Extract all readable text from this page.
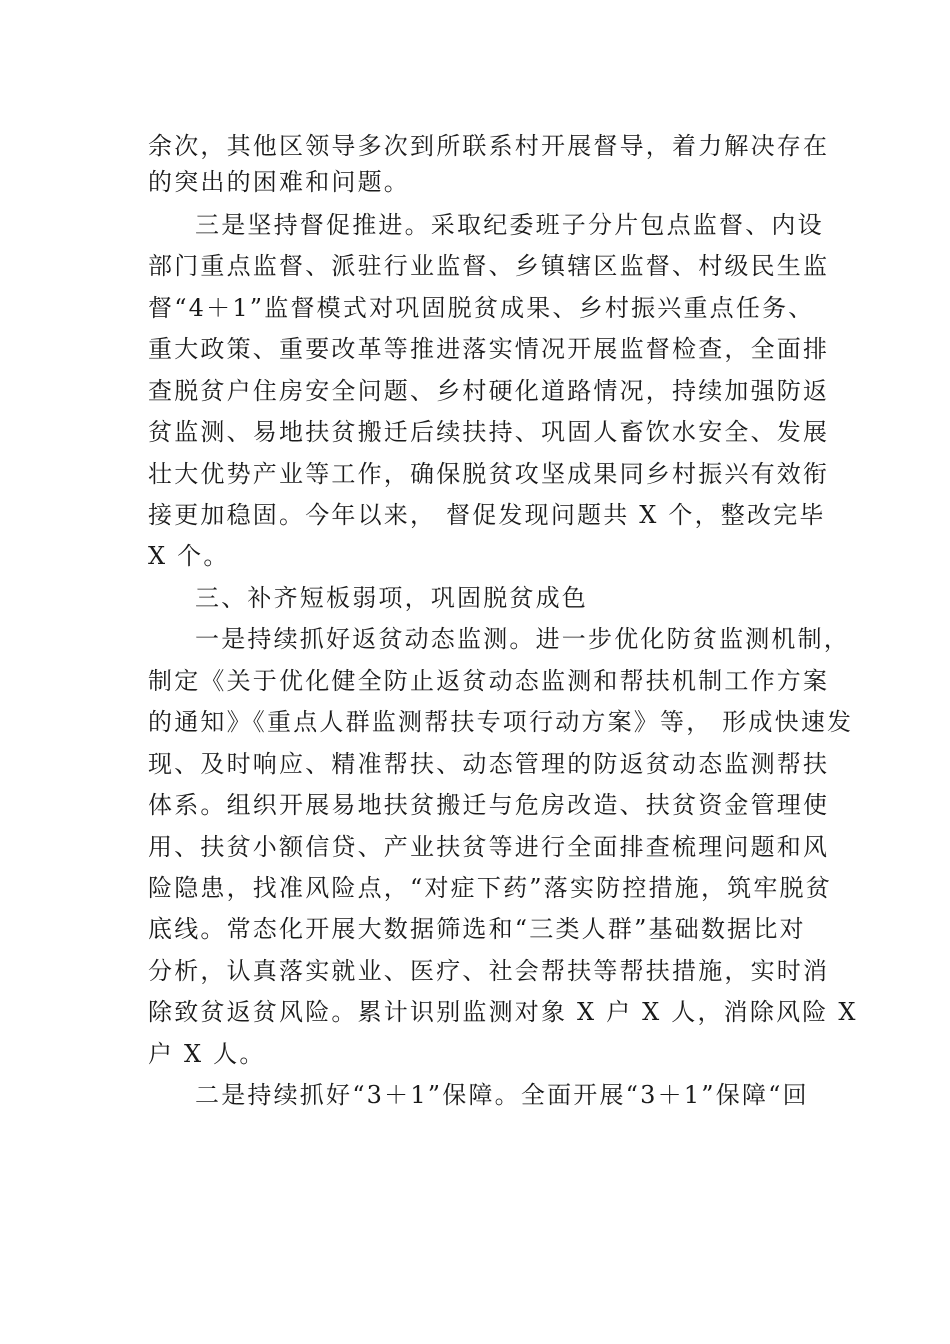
余次，其他区领导多次到所联系村开展督导，着力解决存在
的突出的困难和问题。
三是坚持督促推进。采取纪委班子分片包点监督、内设
部门重点监督、派驻行业监督、乡镇辖区监督、村级民生监
督“4＋1”监督模式对巩固脱贫成果、乡村振兴重点任务、
重大政策、重要改革等推进落实情况开展监督检查，全面排
查脱贫户住房安全问题、乡村硬化道路情况，持续加强防返
贫监测、易地扶贫搬迁后续扶持、巩固人畜饮水安全、发展
壮大优势产业等工作，确保脱贫攻坚成果同乡村振兴有效衔
接更加稳固。今年以来， 督促发现问题共 X 个，整改完毕
X 个。
三、补齐短板弱项，巩固脱贫成色
一是持续抓好返贫动态监测。进一步优化防贫监测机制，
制定《关于优化健全防止返贫动态监测和帮扶机制工作方案
的通知》《重点人群监测帮扶专项行动方案》等， 形成快速发
现、及时响应、精准帮扶、动态管理的防返贫动态监测帮扶
体系。组织开展易地扶贫搬迁与危房改造、扶贫资金管理使
用、扶贫小额信贷、产业扶贫等进行全面排查梳理问题和风
险隐患，找准风险点，“对症下药”落实防控措施，筑牢脱贫
底线。常态化开展大数据筛选和“三类人群”基础数据比对
分析，认真落实就业、医疗、社会帮扶等帮扶措施，实时消
除致贫返贫风险。累计识别监测对象 X 户 X 人，消除风险 X
户 X 人。
二是持续抓好“3＋1”保障。全面开展“3＋1”保障“回
